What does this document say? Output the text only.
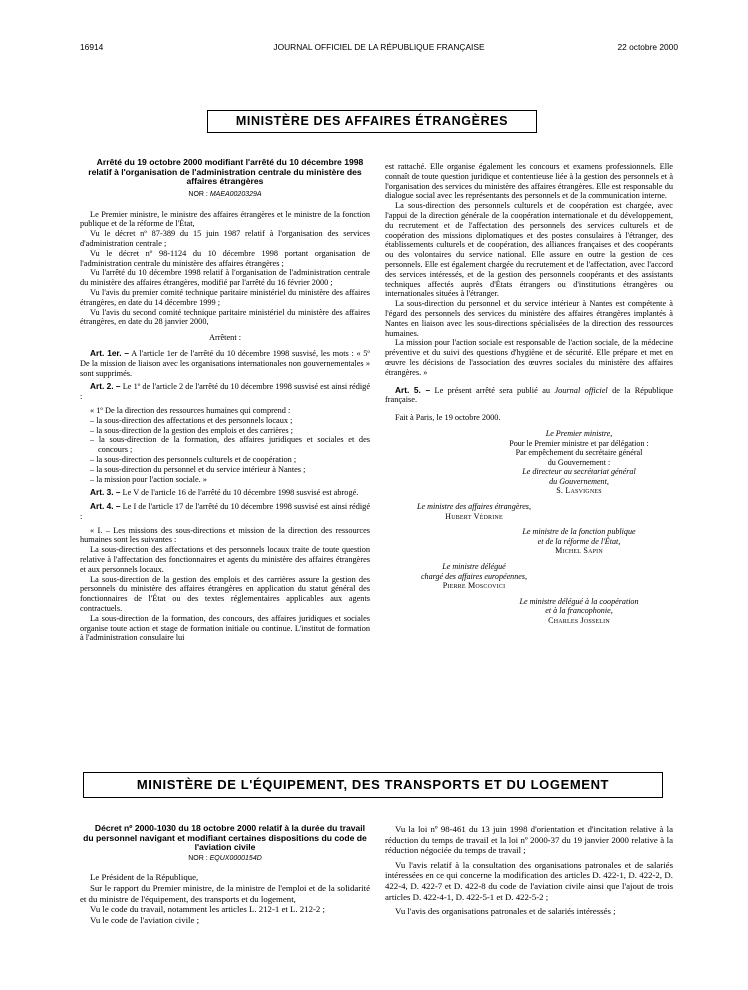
16914	JOURNAL OFFICIEL DE LA RÉPUBLIQUE FRANÇAISE	22 octobre 2000
MINISTÈRE DES AFFAIRES ÉTRANGÈRES

Arrêté du 19 octobre 2000 modifiant l'arrêté du 10 décembre 1998 relatif à l'organisation de l'administration centrale du ministère des affaires étrangères

NOR : MAEA0020329A

Le Premier ministre, le ministre des affaires étrangères et le ministre de la fonction publique et de la réforme de l'État,

Vu le décret nº 87-389 du 15 juin 1987 relatif à l'organisation des services d'administration centrale ;

Vu le décret nº 98-1124 du 10 décembre 1998 portant organisation de l'administration centrale du ministère des affaires étrangères ;

Vu l'arrêté du 10 décembre 1998 relatif à l'organisation de l'administration centrale du ministère des affaires étrangères, modifié par l'arrêté du 16 février 2000 ;

Vu l'avis du premier comité technique paritaire ministériel du ministère des affaires étrangères, en date du 14 décembre 1999 ;

Vu l'avis du second comité technique paritaire ministériel du ministère des affaires étrangères, en date du 28 janvier 2000,

Arrêtent :

Art. 1er. – A l'article 1er de l'arrêté du 10 décembre 1998 susvisé, les mots : « 5º De la mission de liaison avec les organisations internationales non gouvernementales » sont supprimés.

Art. 2. – Le 1º de l'article 2 de l'arrêté du 10 décembre 1998 susvisé est ainsi rédigé :

« 1º De la direction des ressources humaines qui comprend :

– la sous-direction des affectations et des personnels locaux ;
– la sous-direction de la gestion des emplois et des carrières ;
– la sous-direction de la formation, des affaires juridiques et sociales et des concours ;
– la sous-direction des personnels culturels et de coopération ;
– la sous-direction du personnel et du service intérieur à Nantes ;
– la mission pour l'action sociale. »

Art. 3. – Le V de l'article 16 de l'arrêté du 10 décembre 1998 susvisé est abrogé.

Art. 4. – Le I de l'article 17 de l'arrêté du 10 décembre 1998 susvisé est ainsi rédigé :

« I. – Les missions des sous-directions et mission de la direction des ressources humaines sont les suivantes :

La sous-direction des affectations et des personnels locaux traite de toute question relative à l'affectation des fonctionnaires et agents du ministère des affaires étrangères et aux personnels locaux.

La sous-direction de la gestion des emplois et des carrières assure la gestion des personnels du ministère des affaires étrangères en application du statut général des fonctionnaires de l'État ou des textes réglementaires applicables aux agents contractuels.

La sous-direction de la formation, des concours, des affaires juridiques et sociales organise toute action et stage de formation initiale ou continue. L'institut de formation à l'administration consulaire lui

est rattaché. Elle organise également les concours et examens professionnels. Elle connaît de toute question juridique et contentieuse liée à la gestion des personnels et à l'organisation des services du ministère des affaires étrangères. Elle est responsable du dialogue social avec les représentants des personnels et de la communication interne.

La sous-direction des personnels culturels et de coopération est chargée, avec l'appui de la direction générale de la coopération internationale et du développement, du recrutement et de l'affectation des personnels des services culturels et de coopération des missions diplomatiques et des postes consulaires à l'étranger, des établissements culturels et de coopération, des alliances françaises et des coopérants ou des volontaires du service national. Elle assure en outre la gestion de ces personnels. Elle est également chargée du recrutement et de l'affectation, avec l'accord des services intéressés, et de la gestion des personnels coopérants et des assistants techniques affectés auprès d'États étrangers ou d'institutions étrangères ou internationales situées à l'étranger.

La sous-direction du personnel et du service intérieur à Nantes est compétente à l'égard des personnels des services du ministère des affaires étrangères implantés à Nantes en liaison avec les sous-directions spécialisées de la direction des ressources humaines.

La mission pour l'action sociale est responsable de l'action sociale, de la médecine préventive et du suivi des questions d'hygiène et de sécurité. Elle prépare et met en œuvre les décisions de l'association des œuvres sociales du ministère des affaires étrangères. »

Art. 5. – Le présent arrêté sera publié au Journal officiel de la République française.

Fait à Paris, le 19 octobre 2000.

Le Premier ministre,

Pour le Premier ministre et par délégation :

Par empêchement du secrétaire général

du Gouvernement :

Le directeur au secrétariat général

du Gouvernement,

S. Lasvignes

Le ministre des affaires étrangères,

Hubert Védrine

Le ministre de la fonction publique

et de la réforme de l'État,

Michel Sapin

Le ministre délégué

chargé des affaires européennes,

Pierre Moscovici

Le ministre délégué à la coopération

et à la francophonie,

Charles Josselin

MINISTÈRE DE L'ÉQUIPEMENT, DES TRANSPORTS ET DU LOGEMENT

Décret nº 2000-1030 du 18 octobre 2000 relatif à la durée du travail du personnel navigant et modifiant certaines dispositions du code de l'aviation civile

NOR : EQUX0000154D

Le Président de la République,

Sur le rapport du Premier ministre, de la ministre de l'emploi et de la solidarité et du ministre de l'équipement, des transports et du logement,

Vu le code du travail, notamment les articles L. 212-1 et L. 212-2 ;

Vu le code de l'aviation civile ;

Vu la loi nº 98-461 du 13 juin 1998 d'orientation et d'incitation relative à la réduction du temps de travail et la loi nº 2000-37 du 19 janvier 2000 relative à la réduction négociée du temps de travail ;

Vu l'avis relatif à la consultation des organisations patronales et de salariés intéressées en ce qui concerne la modification des articles D. 422-1, D. 422-2, D. 422-4, D. 422-7 et D. 422-8 du code de l'aviation civile ainsi que l'ajout de trois articles D. 422-4-1, D. 422-5-1 et D. 422-5-2 ;

Vu l'avis des organisations patronales et de salariés intéressés ;
